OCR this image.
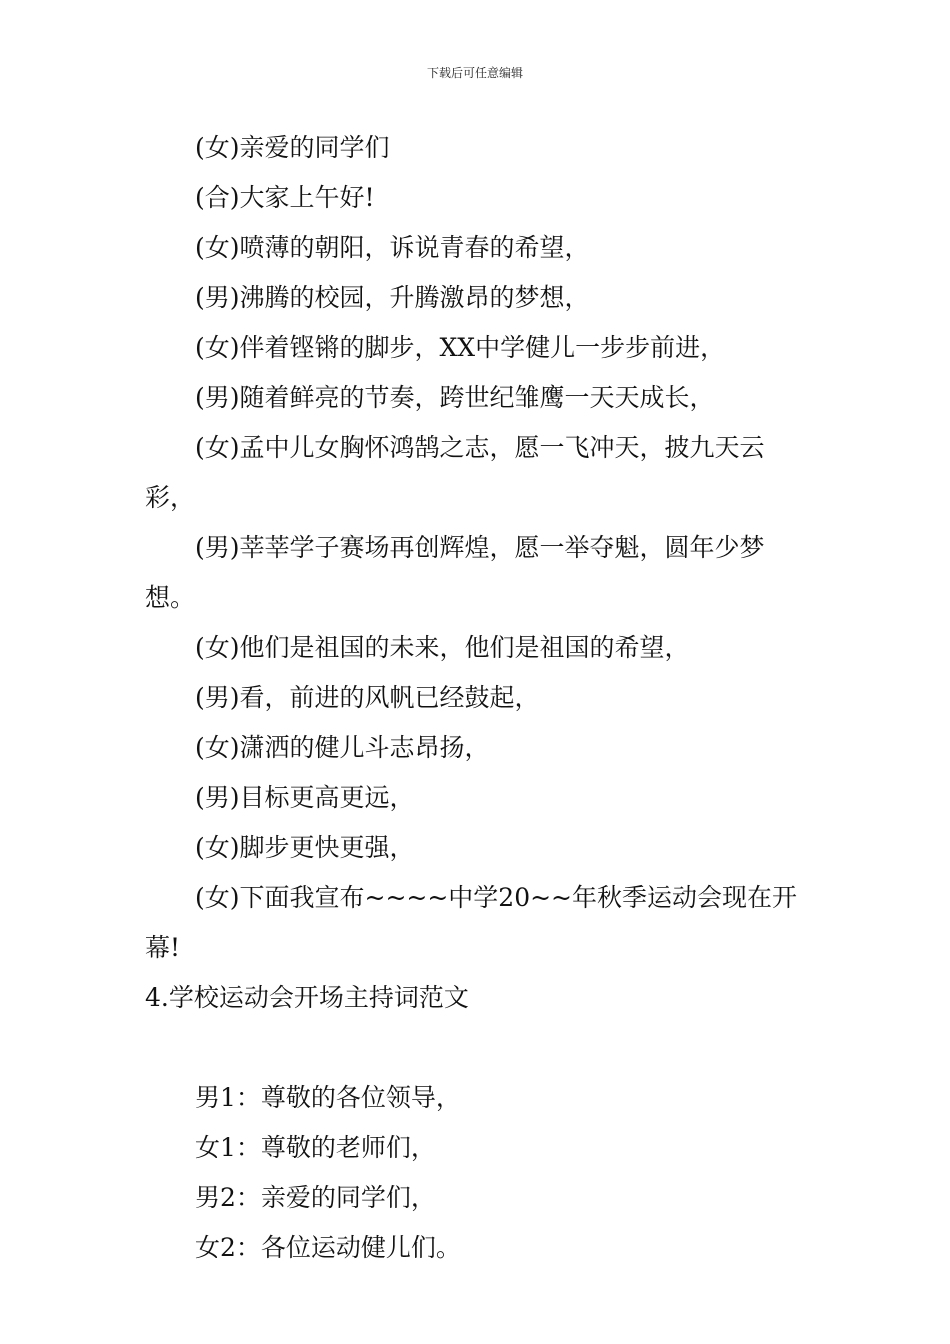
下载后可任意编辑

(女)亲爱的同学们

(合)大家上午好!

(女)喷薄的朝阳，诉说青春的希望，

(男)沸腾的校园，升腾激昂的梦想，

(女)伴着铿锵的脚步，XX中学健儿一步步前进，

(男)随着鲜亮的节奏，跨世纪雏鹰一天天成长，

(女)孟中儿女胸怀鸿鹄之志，愿一飞冲天，披九天云彩，

(男)莘莘学子赛场再创辉煌，愿一举夺魁，圆年少梦想。

(女)他们是祖国的未来，他们是祖国的希望，

(男)看，前进的风帆已经鼓起，

(女)潇洒的健儿斗志昂扬，

(男)目标更高更远，

(女)脚步更快更强，

(女)下面我宣布~~~~中学20~~年秋季运动会现在开幕!

4.学校运动会开场主持词范文

男1：尊敬的各位领导，

女1：尊敬的老师们，

男2：亲爱的同学们，

女2：各位运动健儿们。
